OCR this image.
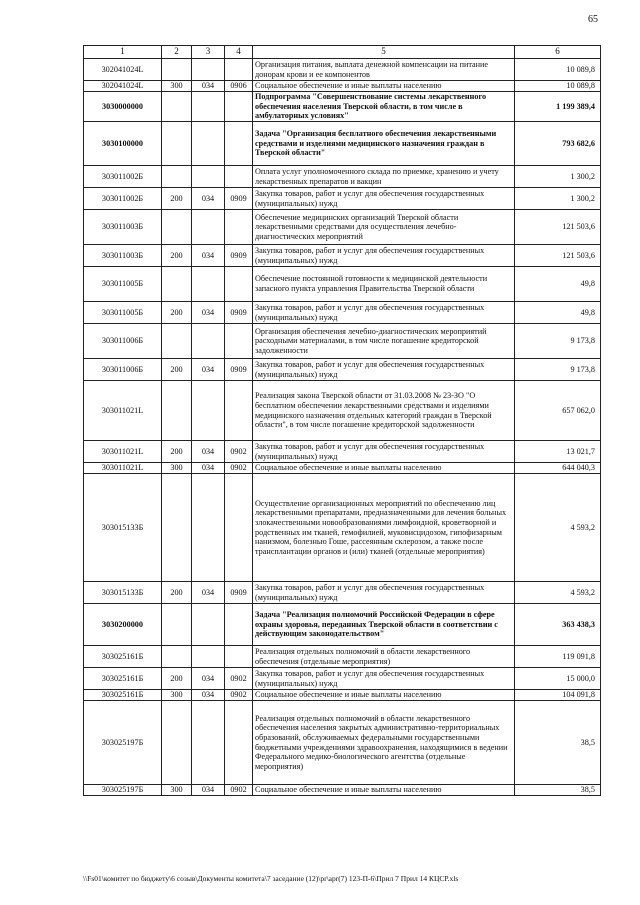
65
1	2	3	4	5	6
302041024L				Организация питания, выплата денежной компенсации на питание донорам крови и ее компонентов	10 089,8
302041024L	300	034	0906	Социальное обеспечение и иные выплаты населению	10 089,8
3030000000				Подпрограмма "Совершенствование системы лекарственного обеспечения населения Тверской области, в том числе в амбулаторных условиях"	1 199 389,4
3030100000				Задача "Организация бесплатного обеспечения лекарственными средствами и изделиями медицинского назначения граждан в Тверской области"	793 682,6
303011002Б				Оплата услуг уполномоченного склада по приемке, хранению и учету лекарственных препаратов и вакцин	1 300,2
303011002Б	200	034	0909	Закупка товаров, работ и услуг для обеспечения государственных (муниципальных) нужд	1 300,2
303011003Б				Обеспечение медицинских организаций Тверской области лекарственными средствами для осуществления лечебно-диагностических мероприятий	121 503,6
303011003Б	200	034	0909	Закупка товаров, работ и услуг для обеспечения государственных (муниципальных) нужд	121 503,6
303011005Б				Обеспечение постоянной готовности к медицинской деятельности запасного пункта управления Правительства Тверской области	49,8
303011005Б	200	034	0909	Закупка товаров, работ и услуг для обеспечения государственных (муниципальных) нужд	49,8
303011006Б				Организация обеспечения лечебно-диагностических мероприятий расходными материалами, в том числе погашение кредиторской задолженности	9 173,8
303011006Б	200	034	0909	Закупка товаров, работ и услуг для обеспечения государственных (муниципальных) нужд	9 173,8
303011021L				Реализация закона Тверской области от 31.03.2008 № 23-ЗО "О бесплатном обеспечении лекарственными средствами и изделиями медицинского назначения отдельных категорий граждан в Тверской области", в том числе погашение кредиторской задолженности	657 062,0
303011021L	200	034	0902	Закупка товаров, работ и услуг для обеспечения государственных (муниципальных) нужд	13 021,7
303011021L	300	034	0902	Социальное обеспечение и иные выплаты населению	644 040,3
303015133Б				Осуществление организационных мероприятий по обеспечению лиц лекарственными препаратами, предназначенными для лечения больных злокачественными новообразованиями лимфоидной, кроветворной и родственных им тканей, гемофилией, муковисцидозом, гипофизарным нанизмом, болезнью Гоше, рассеянным склерозом, а также после трансплантации органов и (или) тканей (отдельные мероприятия)	4 593,2
303015133Б	200	034	0909	Закупка товаров, работ и услуг для обеспечения государственных (муниципальных) нужд	4 593,2
3030200000				Задача "Реализация полномочий Российской Федерации в сфере охраны здоровья, переданных Тверской области в соответствии с действующим законодательством"	363 438,3
303025161Б				Реализация отдельных полномочий в области лекарственного обеспечения (отдельные мероприятия)	119 091,8
303025161Б	200	034	0902	Закупка товаров, работ и услуг для обеспечения государственных (муниципальных) нужд	15 000,0
303025161Б	300	034	0902	Социальное обеспечение и иные выплаты населению	104 091,8
303025197Б				Реализация отдельных полномочий в области лекарственного обеспечения населения закрытых административно-территориальных образований, обслуживаемых федеральными государственными бюджетными учреждениями здравоохранения, находящимися в ведении Федерального медико-биологического агентства (отдельные мероприятия)	38,5
303025197Б	300	034	0902	Социальное обеспечение и иные выплаты населению	38,5
\\Fs01\комитет по бюджету\6 созыв\Документы комитета\7 заседание (12)\pr\apr(7) 123-П-6\Прил 7 Прил 14 КЦСР.xls
